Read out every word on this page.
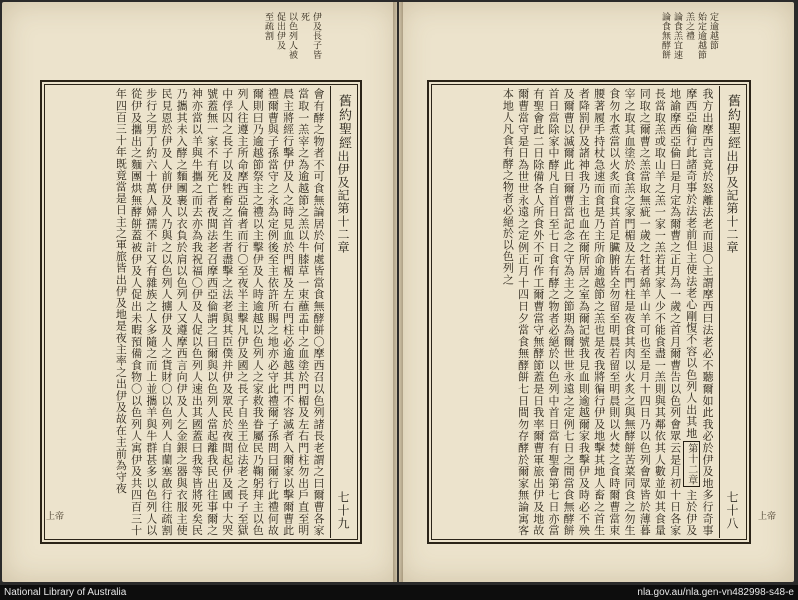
伊及長子皆
死
以色列人被
促出伊及
至疏割
舊約聖經
出伊及記
第十二章
七十九
會有酵之物者不可食無論居於何處皆當食無酵餅〇摩西召以色列諸長老謂之曰爾曹各家當取一羔宰之為逾越節之羔以牛膝草一束蘸盂中之血塗於門楣及左右門柱勿出戶直至明晨主將經行擊伊及人之時見血於門楣及左右門柱必逾越其門不容滅者入爾家以擊爾曹此禮爾曹與子孫當守之永為定例後至主依許所賜之地亦必守此禮爾子孫問曰爾行此禮何故爾則曰乃逾越節祭主之禮以主擊伊及人時逾越以色列人之家救我眷屬民乃鞠躬拜主以色列人往遵主所命摩西亞倫者而行〇至夜半主擊凡伊及國之長子自坐王位法老之長子至獄中俘囚之長子以及牲畜之首生者盡擊之法老與其臣僕并伊及眾民於夜間起伊及國中大哭號蓋無一家不有死亡者夜間法老召摩西亞倫謂之曰爾與以色列人當起離我民出往事爾之神亦當以羊與牛攜之而去亦為我祝福〇伊及人促以色列人速出其國蓋曰我等皆將死矣民乃攜其未入酵之麵團裹以衣負於肩以色列人又遵摩西言向伊及人乞金銀之器與衣服主使民見恩於伊及人前伊及人乃與之以色列人擄伊及人之貨財〇以色列人自蘭塞啟行往疏割步行之男丁約六十萬人婦孺不計又有雜族之人多隨之而上並攜羊與牛群甚多以色列人以從伊及攜出之麵團烘無酵餅蓋被伊及人促出未暇預備食物〇以色列人寓伊及共四百三十年四百三十年既竟當是日主之軍旅皆出伊及地是夜主率之出伊及故在主前為守夜
上帝
定逾越節
始定逾越節
羔之禮
論食羔宜速
論食無酵餅
舊約聖經
出伊及記
第十二章
七十八
我方出摩西言竟於怒離法老而退〇主謂摩西曰法老必不聽爾如此我必於伊及地多行奇事摩西亞倫行此諸奇事於法老前但主使法老心剛愎不容以色列人出其地第十二章主於伊及地諭摩西亞倫曰是月定為爾曹之正月為一歲之首月爾曹告以色列會眾云是月初十日各家長當取羔或取山羊之羔一家一羔若其家人少不能食盡一羔則與其鄰依其人數並如其食量同取之爾曹之羔當取無疵一歲之牡者綿羊山羊可也至是月十四日乃以色列會眾皆於薄暮宰之取其血塗於食羔之家門楣及左右門柱是夜食其肉以火炙之與無酵餅苦菜同食之勿生食勿水煮當以火炙而食其首足臟腑皆全勿留至明晨若留至明晨則以火焚之食時爾曹當束腰著履手持杖急速而食是乃主所命逾越節之羔也是夜我將徧行伊及地擊其地人畜之首生者降罰伊及諸神我乃主也血在爾所居之室為爾記號我見血則逾越爾家我擊伊及時必不殃及爾曹以滅爾此日爾曹當記念之守為主之節期為爾世世永遠之定例七日之間當食無酵餅首日當除家中酵凡自首日至七日食有酵之物者必絕於以色列中首日當有聖會第七日亦當有聖會此二日除備各人所食外不可作工爾曹當守無酵節蓋是日我率爾曹軍旅出伊及地故爾曹當守是日為世世永遠之定例正月十四日夕當食無酵餅七日間勿存酵於爾家無論寓客本地人凡食有酵之物者必絕於以色列之
上帝
National Library of Australia	nla.gov.au/nla.gen-vn482998-s48-e
